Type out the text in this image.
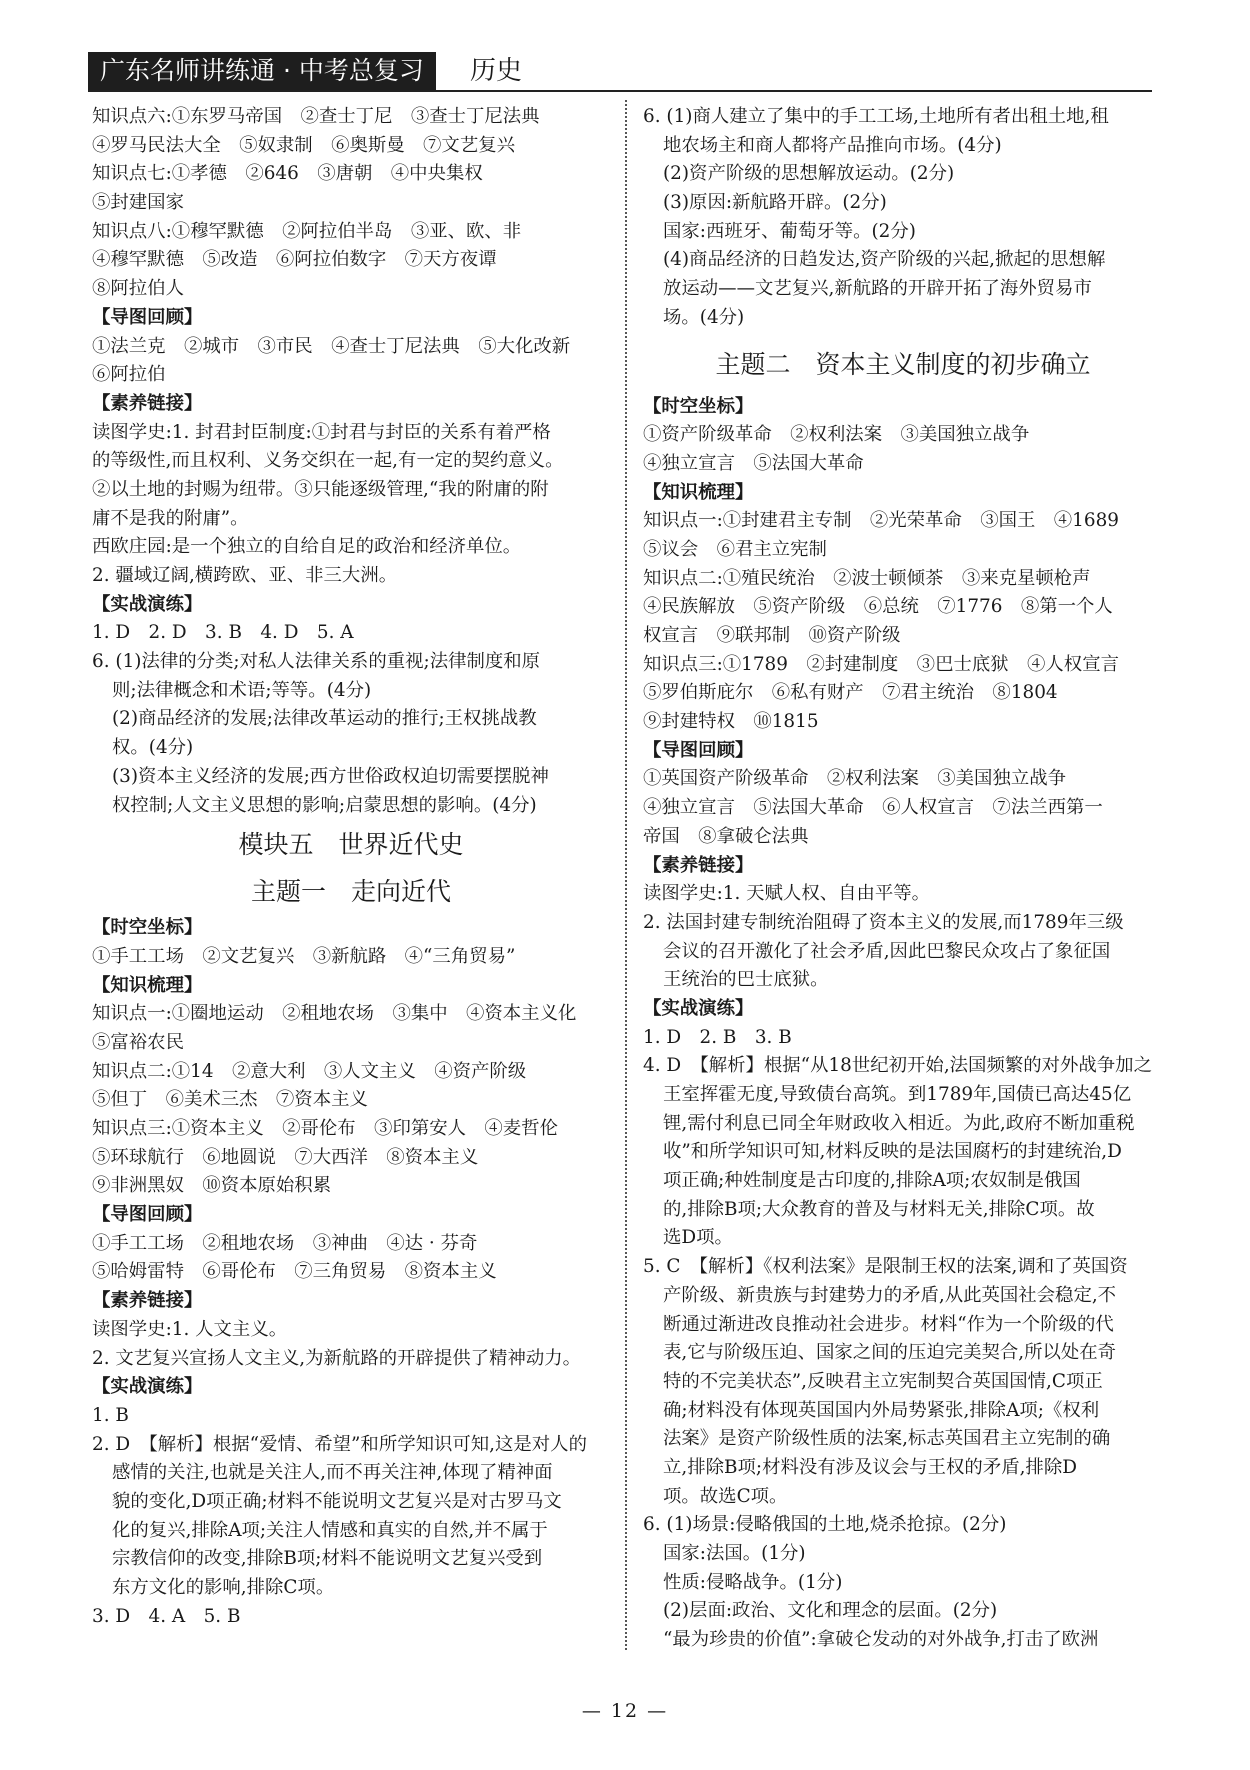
广东名师讲练通 · 中考总复习	历史
知识点六:①东罗马帝国　②查士丁尼　③查士丁尼法典
④罗马民法大全　⑤奴隶制　⑥奥斯曼　⑦文艺复兴
知识点七:①孝德　②646　③唐朝　④中央集权
⑤封建国家
知识点八:①穆罕默德　②阿拉伯半岛　③亚、欧、非
④穆罕默德　⑤改造　⑥阿拉伯数字　⑦天方夜谭
⑧阿拉伯人
【导图回顾】
①法兰克　②城市　③市民　④查士丁尼法典　⑤大化改新
⑥阿拉伯
【素养链接】
读图学史:1. 封君封臣制度:①封君与封臣的关系有着严格
的等级性,而且权利、义务交织在一起,有一定的契约意义。
②以土地的封赐为纽带。③只能逐级管理,“我的附庸的附
庸不是我的附庸”。
西欧庄园:是一个独立的自给自足的政治和经济单位。
2. 疆域辽阔,横跨欧、亚、非三大洲。
【实战演练】
1. D　2. D　3. B　4. D　5. A
6. (1)法律的分类;对私人法律关系的重视;法律制度和原
则;法律概念和术语;等等。(4分)
(2)商品经济的发展;法律改革运动的推行;王权挑战教
权。(4分)
(3)资本主义经济的发展;西方世俗政权迫切需要摆脱神
权控制;人文主义思想的影响;启蒙思想的影响。(4分)
模块五　世界近代史
主题一　走向近代
【时空坐标】
①手工工场　②文艺复兴　③新航路　④“三角贸易”
【知识梳理】
知识点一:①圈地运动　②租地农场　③集中　④资本主义化
⑤富裕农民
知识点二:①14　②意大利　③人文主义　④资产阶级
⑤但丁　⑥美术三杰　⑦资本主义
知识点三:①资本主义　②哥伦布　③印第安人　④麦哲伦
⑤环球航行　⑥地圆说　⑦大西洋　⑧资本主义
⑨非洲黑奴　⑩资本原始积累
【导图回顾】
①手工工场　②租地农场　③神曲　④达 · 芬奇
⑤哈姆雷特　⑥哥伦布　⑦三角贸易　⑧资本主义
【素养链接】
读图学史:1. 人文主义。
2. 文艺复兴宣扬人文主义,为新航路的开辟提供了精神动力。
【实战演练】
1. B
2. D　【解析】根据“爱情、希望”和所学知识可知,这是对人的
感情的关注,也就是关注人,而不再关注神,体现了精神面
貌的变化,D项正确;材料不能说明文艺复兴是对古罗马文
化的复兴,排除A项;关注人情感和真实的自然,并不属于
宗教信仰的改变,排除B项;材料不能说明文艺复兴受到
东方文化的影响,排除C项。
3. D　4. A　5. B
6. (1)商人建立了集中的手工工场,土地所有者出租土地,租
地农场主和商人都将产品推向市场。(4分)
(2)资产阶级的思想解放运动。(2分)
(3)原因:新航路开辟。(2分)
国家:西班牙、葡萄牙等。(2分)
(4)商品经济的日趋发达,资产阶级的兴起,掀起的思想解
放运动——文艺复兴,新航路的开辟开拓了海外贸易市
场。(4分)
主题二　资本主义制度的初步确立
【时空坐标】
①资产阶级革命　②权利法案　③美国独立战争
④独立宣言　⑤法国大革命
【知识梳理】
知识点一:①封建君主专制　②光荣革命　③国王　④1689
⑤议会　⑥君主立宪制
知识点二:①殖民统治　②波士顿倾茶　③来克星顿枪声
④民族解放　⑤资产阶级　⑥总统　⑦1776　⑧第一个人
权宣言　⑨联邦制　⑩资产阶级
知识点三:①1789　②封建制度　③巴士底狱　④人权宣言
⑤罗伯斯庇尔　⑥私有财产　⑦君主统治　⑧1804
⑨封建特权　⑩1815
【导图回顾】
①英国资产阶级革命　②权利法案　③美国独立战争
④独立宣言　⑤法国大革命　⑥人权宣言　⑦法兰西第一
帝国　⑧拿破仑法典
【素养链接】
读图学史:1. 天赋人权、自由平等。
2. 法国封建专制统治阻碍了资本主义的发展,而1789年三级
会议的召开激化了社会矛盾,因此巴黎民众攻占了象征国
王统治的巴士底狱。
【实战演练】
1. D　2. B　3. B
4. D　【解析】根据“从18世纪初开始,法国频繁的对外战争加之
王室挥霍无度,导致债台高筑。到1789年,国债已高达45亿
锂,需付利息已同全年财政收入相近。为此,政府不断加重税
收”和所学知识可知,材料反映的是法国腐朽的封建统治,D
项正确;种姓制度是古印度的,排除A项;农奴制是俄国
的,排除B项;大众教育的普及与材料无关,排除C项。故
选D项。
5. C　【解析】《权利法案》是限制王权的法案,调和了英国资
产阶级、新贵族与封建势力的矛盾,从此英国社会稳定,不
断通过渐进改良推动社会进步。材料“作为一个阶级的代
表,它与阶级压迫、国家之间的压迫完美契合,所以处在奇
特的不完美状态”,反映君主立宪制契合英国国情,C项正
确;材料没有体现英国国内外局势紧张,排除A项;《权利
法案》是资产阶级性质的法案,标志英国君主立宪制的确
立,排除B项;材料没有涉及议会与王权的矛盾,排除D
项。故选C项。
6. (1)场景:侵略俄国的土地,烧杀抢掠。(2分)
国家:法国。(1分)
性质:侵略战争。(1分)
(2)层面:政治、文化和理念的层面。(2分)
“最为珍贵的价值”:拿破仑发动的对外战争,打击了欧洲
— 12 —
